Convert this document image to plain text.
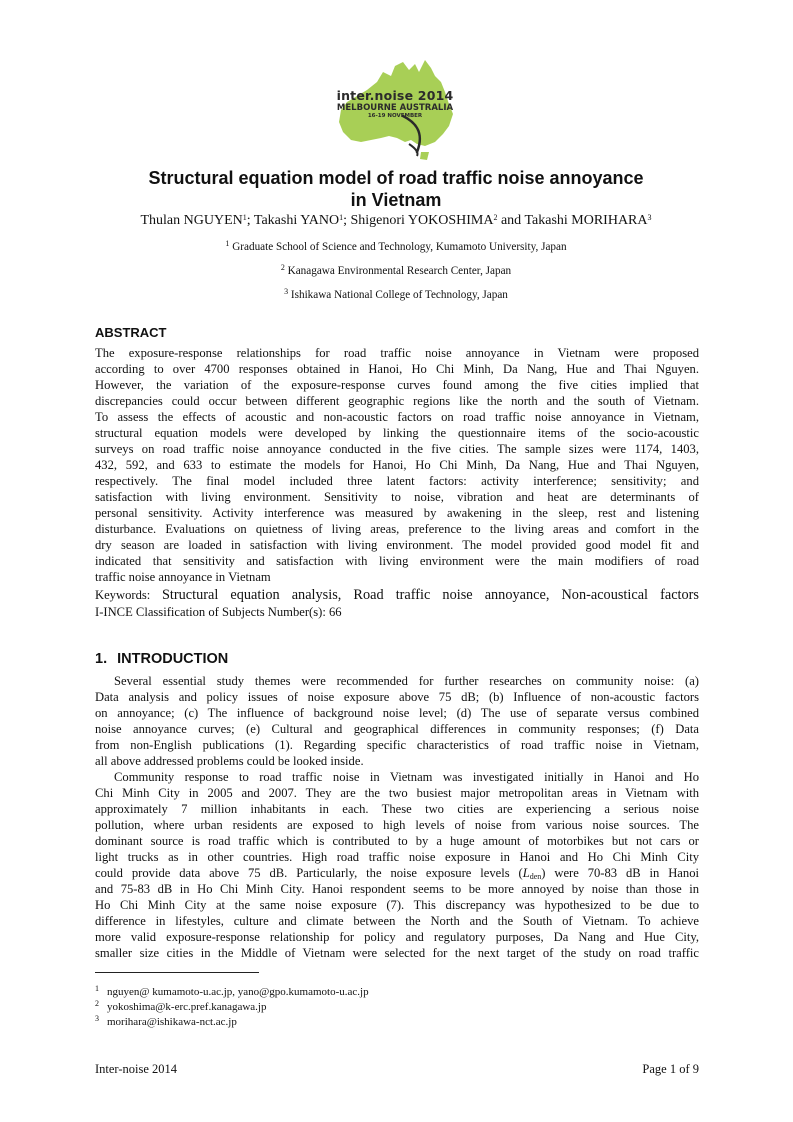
inter.noise 2014
MELBOURNE AUSTRALIA
16-19 NOVEMBER
Structural equation model of road traffic noise annoyance
in Vietnam
Thulan NGUYEN$^1$; Takashi YANO$^1$; Shigenori YOKOSHIMA$^2$ and Takashi MORIHARA$^3$
$^1$ Graduate School of Science and Technology, Kumamoto University, Japan
$^2$ Kanagawa Environmental Research Center, Japan
$^3$ Ishikawa National College of Technology, Japan
ABSTRACT
The exposure-response relationships for road traffic noise annoyance in Vietnam were proposed
according to over 4700 responses obtained in Hanoi, Ho Chi Minh, Da Nang, Hue and Thai Nguyen.
However, the variation of the exposure-response curves found among the five cities implied that
discrepancies could occur between different geographic regions like the north and the south of Vietnam.
To assess the effects of acoustic and non-acoustic factors on road traffic noise annoyance in Vietnam,
structural equation models were developed by linking the questionnaire items of the socio-acoustic
surveys on road traffic noise annoyance conducted in the five cities. The sample sizes were 1174, 1403,
432, 592, and 633 to estimate the models for Hanoi, Ho Chi Minh, Da Nang, Hue and Thai Nguyen,
respectively. The final model included three latent factors: activity interference; sensitivity; and
satisfaction with living environment. Sensitivity to noise, vibration and heat are determinants of
personal sensitivity. Activity interference was measured by awakening in the sleep, rest and listening
disturbance. Evaluations on quietness of living areas, preference to the living areas and comfort in the
dry season are loaded in satisfaction with living environment. The model provided good model fit and
indicated that sensitivity and satisfaction with living environment were the main modifiers of road
traffic noise annoyance in Vietnam
Keywords: Structural equation analysis, Road traffic noise annoyance, Non-acoustical factors
I-INCE Classification of Subjects Number(s): 66
1. INTRODUCTION
Several essential study themes were recommended for further researches on community noise: (a)
Data analysis and policy issues of noise exposure above 75 dB; (b) Influence of non-acoustic factors
on annoyance; (c) The influence of background noise level; (d) The use of separate versus combined
noise annoyance curves; (e) Cultural and geographical differences in community responses; (f) Data
from non-English publications (1). Regarding specific characteristics of road traffic noise in Vietnam,
all above addressed problems could be looked inside.
Community response to road traffic noise in Vietnam was investigated initially in Hanoi and Ho
Chi Minh City in 2005 and 2007. They are the two busiest major metropolitan areas in Vietnam with
approximately 7 million inhabitants in each. These two cities are experiencing a serious noise
pollution, where urban residents are exposed to high levels of noise from various noise sources. The
dominant source is road traffic which is contributed to by a huge amount of motorbikes but not cars or
light trucks as in other countries. High road traffic noise exposure in Hanoi and Ho Chi Minh City
could provide data above 75 dB. Particularly, the noise exposure levels $(L_{den})$ were 70-83 dB in Hanoi
and 75-83 dB in Ho Chi Minh City. Hanoi respondent seems to be more annoyed by noise than those in
Ho Chi Minh City at the same noise exposure (7). This discrepancy was hypothesized to be due to
difference in lifestyles, culture and climate between the North and the South of Vietnam. To achieve
more valid exposure-response relationship for policy and regulatory purposes, Da Nang and Hue City,
smaller size cities in the Middle of Vietnam were selected for the next target of the study on road traffic
1 nguyen@ kumamoto-u.ac.jp, yano@gpo.kumamoto-u.ac.jp
2 yokoshima@k-erc.pref.kanagawa.jp
3 morihara@ishikawa-nct.ac.jp
Inter-noise 2014	Page 1 of 9
